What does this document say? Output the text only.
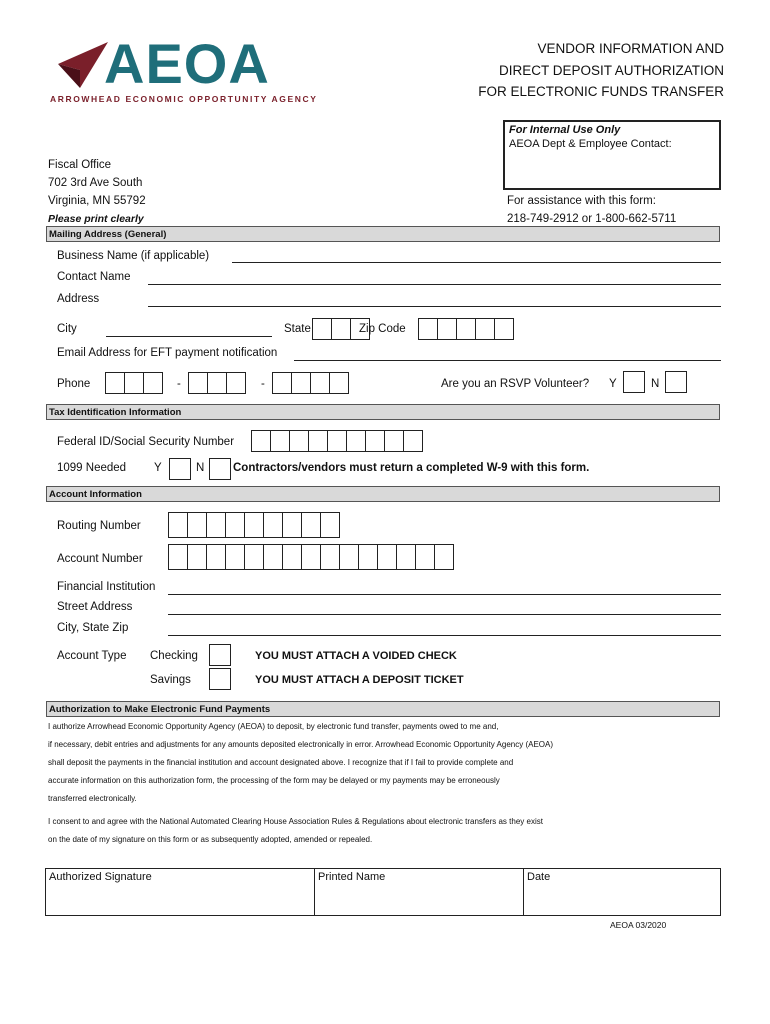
AEOA
ARROWHEAD ECONOMIC OPPORTUNITY AGENCY
VENDOR INFORMATION AND
DIRECT DEPOSIT AUTHORIZATION
FOR ELECTRONIC FUNDS TRANSFER
For Internal Use Only
AEOA Dept & Employee Contact:
Fiscal Office
702 3rd Ave South
Virginia, MN 55792
Please print clearly
For assistance with this form:
218-749-2912 or 1-800-662-5711
Mailing Address (General)
Business Name (if applicable)
Contact Name
Address
City	State	Zip Code
Email Address for EFT payment notification
Phone	-	-	Are you an RSVP Volunteer? Y	N
Tax Identification Information
Federal ID/Social Security Number
1099 Needed Y	N Contractors/vendors must return a completed W-9 with this form.
Account Information
Routing Number
Account Number
Financial Institution
Street Address
City, State Zip
Account Type Checking	YOU MUST ATTACH A VOIDED CHECK
Savings	YOU MUST ATTACH A DEPOSIT TICKET
Authorization to Make Electronic Fund Payments
I authorize Arrowhead Economic Opportunity Agency (AEOA) to deposit, by electronic fund transfer, payments owed to me and,
if necessary, debit entries and adjustments for any amounts deposited electronically in error. Arrowhead Economic Opportunity Agency (AEOA)
shall deposit the payments in the financial institution and account designated above. I recognize that if I fail to provide complete and
accurate information on this authorization form, the processing of the form may be delayed or my payments may be erroneously
transferred electronically.
I consent to and agree with the National Automated Clearing House Association Rules & Regulations about electronic transfers as they exist
on the date of my signature on this form or as subsequently adopted, amended or repealed.
Authorized Signature	Printed Name	Date
AEOA 03/2020
